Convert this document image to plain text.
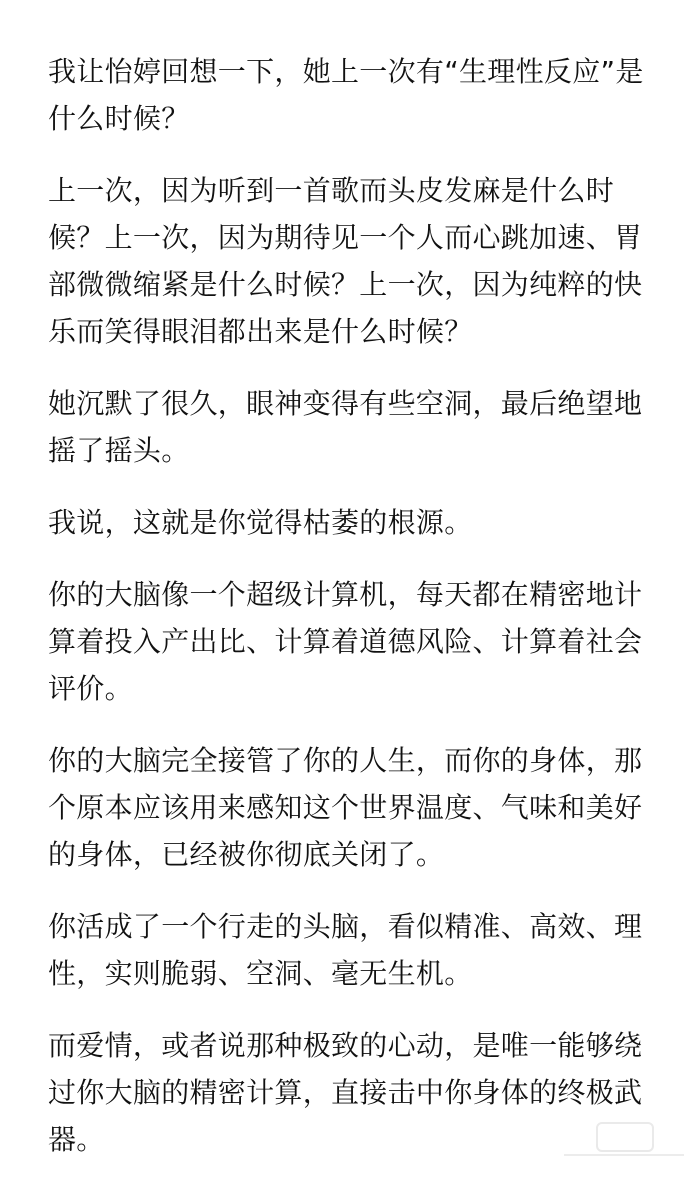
我让怡婷回想一下，她上一次有“生理性反应”是什么时候？

上一次，因为听到一首歌而头皮发麻是什么时候？上一次，因为期待见一个人而心跳加速、胃部微微缩紧是什么时候？上一次，因为纯粹的快乐而笑得眼泪都出来是什么时候？

她沉默了很久，眼神变得有些空洞，最后绝望地摇了摇头。

我说，这就是你觉得枯萎的根源。

你的大脑像一个超级计算机，每天都在精密地计算着投入产出比、计算着道德风险、计算着社会评价。

你的大脑完全接管了你的人生，而你的身体，那个原本应该用来感知这个世界温度、气味和美好的身体，已经被你彻底关闭了。

你活成了一个行走的头脑，看似精准、高效、理性，实则脆弱、空洞、毫无生机。

而爱情，或者说那种极致的心动，是唯一能够绕过你大脑的精密计算，直接击中你身体的终极武器。
